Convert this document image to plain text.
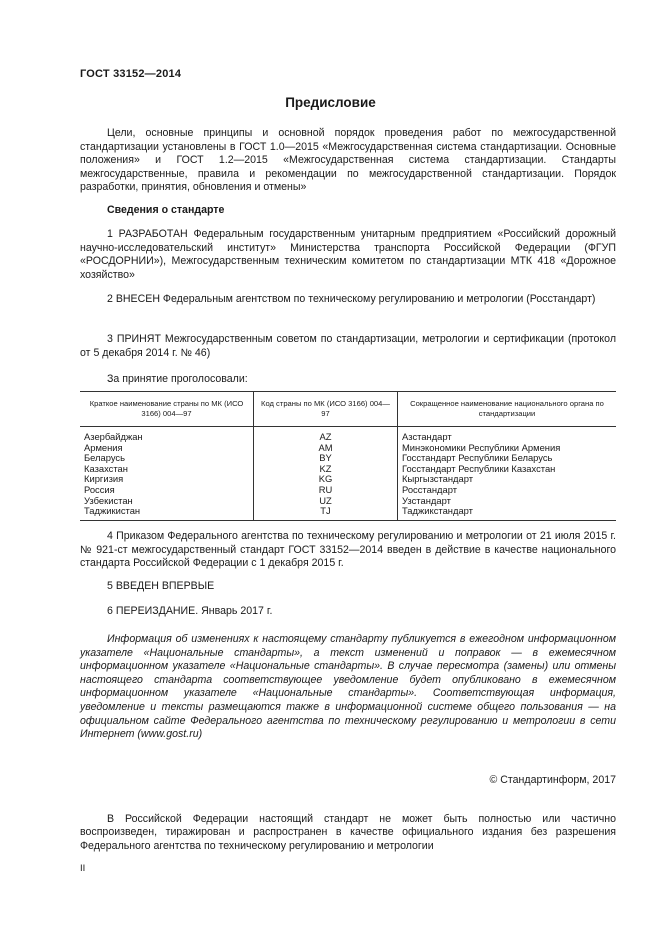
ГОСТ 33152—2014
Предисловие

Цели, основные принципы и основной порядок проведения работ по межгосударственной стандартизации установлены в ГОСТ 1.0—2015 «Межгосударственная система стандартизации. Основные положения» и ГОСТ 1.2—2015 «Межгосударственная система стандартизации. Стандарты межгосударственные, правила и рекомендации по межгосударственной стандартизации. Порядок разработки, принятия, обновления и отмены»

Сведения о стандарте

1 РАЗРАБОТАН Федеральным государственным унитарным предприятием «Российский дорожный научно-исследовательский институт» Министерства транспорта Российской Федерации (ФГУП «РОСДОРНИИ»), Межгосударственным техническим комитетом по стандартизации МТК 418 «Дорожное хозяйство»

2 ВНЕСЕН Федеральным агентством по техническому регулированию и метрологии (Росстандарт)

3 ПРИНЯТ Межгосударственным советом по стандартизации, метрологии и сертификации (протокол от 5 декабря 2014 г. № 46)

За принятие проголосовали:
Краткое наименование страны по МК (ИСО 3166) 004—97	Код страны по МК (ИСО 3166) 004—97	Сокращенное наименование национального органа по стандартизации
Азербайджан	AZ	Азстандарт
Армения	AM	Минэкономики Республики Армения
Беларусь	BY	Госстандарт Республики Беларусь
Казахстан	KZ	Госстандарт Республики Казахстан
Киргизия	KG	Кыргызстандарт
Россия	RU	Росстандарт
Узбекистан	UZ	Узстандарт
Таджикистан	TJ	Таджикстандарт

4 Приказом Федерального агентства по техническому регулированию и метрологии от 21 июля 2015 г. № 921-ст межгосударственный стандарт ГОСТ 33152—2014 введен в действие в качестве национального стандарта Российской Федерации с 1 декабря 2015 г.

5 ВВЕДЕН ВПЕРВЫЕ

6 ПЕРЕИЗДАНИЕ. Январь 2017 г.

Информация об изменениях к настоящему стандарту публикуется в ежегодном информационном указателе «Национальные стандарты», а текст изменений и поправок — в ежемесячном информационном указателе «Национальные стандарты». В случае пересмотра (замены) или отмены настоящего стандарта соответствующее уведомление будет опубликовано в ежемесячном информационном указателе «Национальные стандарты». Соответствующая информация, уведомление и тексты размещаются также в информационной системе общего пользования — на официальном сайте Федерального агентства по техническому регулированию и метрологии в сети Интернет (www.gost.ru)

© Стандартинформ, 2017

В Российской Федерации настоящий стандарт не может быть полностью или частично воспроизведен, тиражирован и распространен в качестве официального издания без разрешения Федерального агентства по техническому регулированию и метрологии

II
